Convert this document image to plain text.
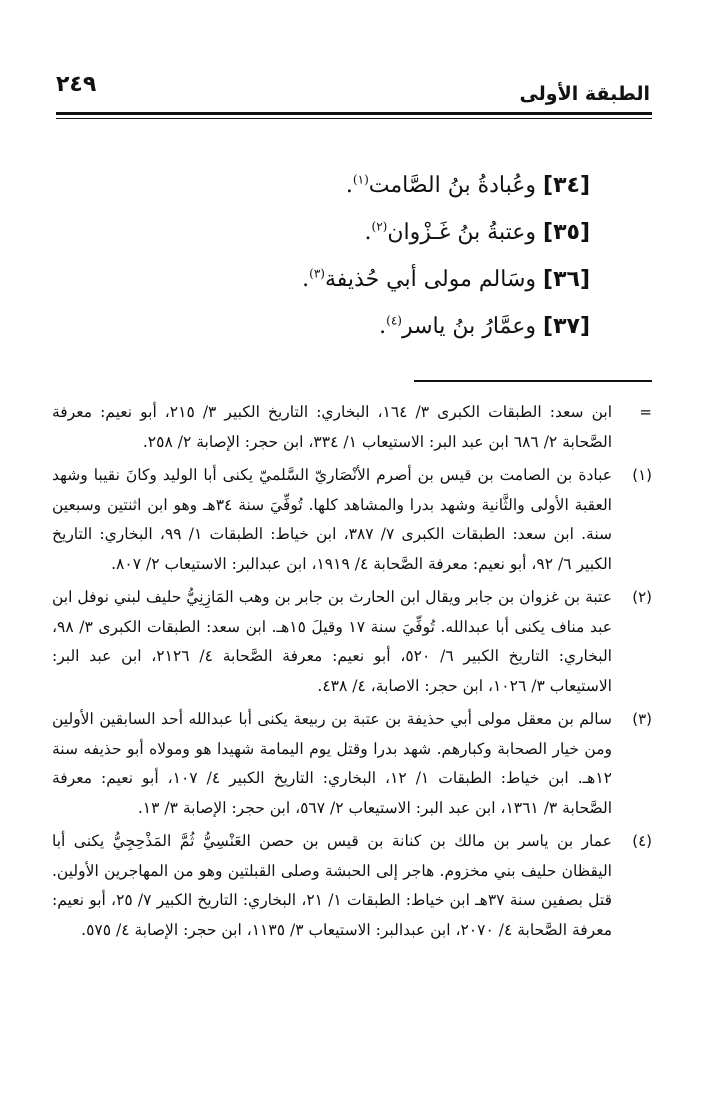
الطبقة الأولى
٢٤٩
[٣٤] وعُبادةُ بنُ الصَّامت$^{(١)}$.
[٣٥] وعتبةُ بنُ غَـزْوان$^{(٢)}$.
[٣٦] وسَالم مولى أبي حُذيفة$^{(٣)}$.
[٣٧] وعمَّارُ بنُ ياسر$^{(٤)}$.
=
ابن سعد: الطبقات الكبرى ٣/ ١٦٤، البخاري: التاريخ الكبير ٣/ ٢١٥، أبو نعيم: معرفة الصَّحابة ٢/ ٦٨٦ ابن عبد البر: الاستيعاب ١/ ٣٣٤، ابن حجر: الإصابة ٢/ ٢٥٨.
(١)
عبادة بن الصامت بن قيس بن أصرم الأنْصَاريّ السَّلميّ يكنى أبا الوليد وكانَ نقيبا وشهد العقبة الأولى والثَّانية وشهد بدرا والمشاهد كلها. تُوفِّيَ سنة ٣٤هـ وهو ابن اثنتين وسبعين سنة. ابن سعد: الطبقات الكبرى ٧/ ٣٨٧، ابن خياط: الطبقات ١/ ٩٩، البخاري: التاريخ الكبير ٦/ ٩٢، أبو نعيم: معرفة الصَّحابة ٤/ ١٩١٩، ابن عبدالبر: الاستيعاب ٢/ ٨٠٧.
(٢)
عتبة بن غزوان بن جابر ويقال ابن الحارث بن جابر بن وهب المَازِنِيُّ حليف لبني نوفل ابن عبد مناف يكنى أبا عبدالله. تُوفِّيَ سنة ١٧ وقيلَ ١٥هـ. ابن سعد: الطبقات الكبرى ٣/ ٩٨، البخاري: التاريخ الكبير ٦/ ٥٢٠، أبو نعيم: معرفة الصَّحابة ٤/ ٢١٢٦، ابن عبد البر: الاستيعاب ٣/ ١٠٢٦، ابن حجر: الاصابة، ٤/ ٤٣٨.
(٣)
سالم بن معقل مولى أبي حذيفة بن عتبة بن ربيعة يكنى أبا عبدالله أحد السابقين الأولين ومن خيار الصحابة وكبارهم. شهد بدرا وقتل يوم اليمامة شهيدا هو ومولاه أبو حذيفه سنة ١٢هـ. ابن خياط: الطبقات ١/ ١٢، البخاري: التاريخ الكبير ٤/ ١٠٧، أبو نعيم: معرفة الصَّحابة ٣/ ١٣٦١، ابن عبد البر: الاستيعاب ٢/ ٥٦٧، ابن حجر: الإصابة ٣/ ١٣.
(٤)
عمار بن ياسر بن مالك بن كنانة بن قيس بن حصن العَنْسِيُّ ثُمَّ المَذْحِجِيُّ يكنى أبا اليقظان حليف بني مخزوم. هاجر إلى الحبشة وصلى القبلتين وهو من المهاجرين الأولين. قتل بصفين سنة ٣٧هـ ابن خياط: الطبقات ١/ ٢١، البخاري: التاريخ الكبير ٧/ ٢٥، أبو نعيم: معرفة الصَّحابة ٤/ ٢٠٧٠، ابن عبدالبر: الاستيعاب ٣/ ١١٣٥، ابن حجر: الإصابة ٤/ ٥٧٥.
